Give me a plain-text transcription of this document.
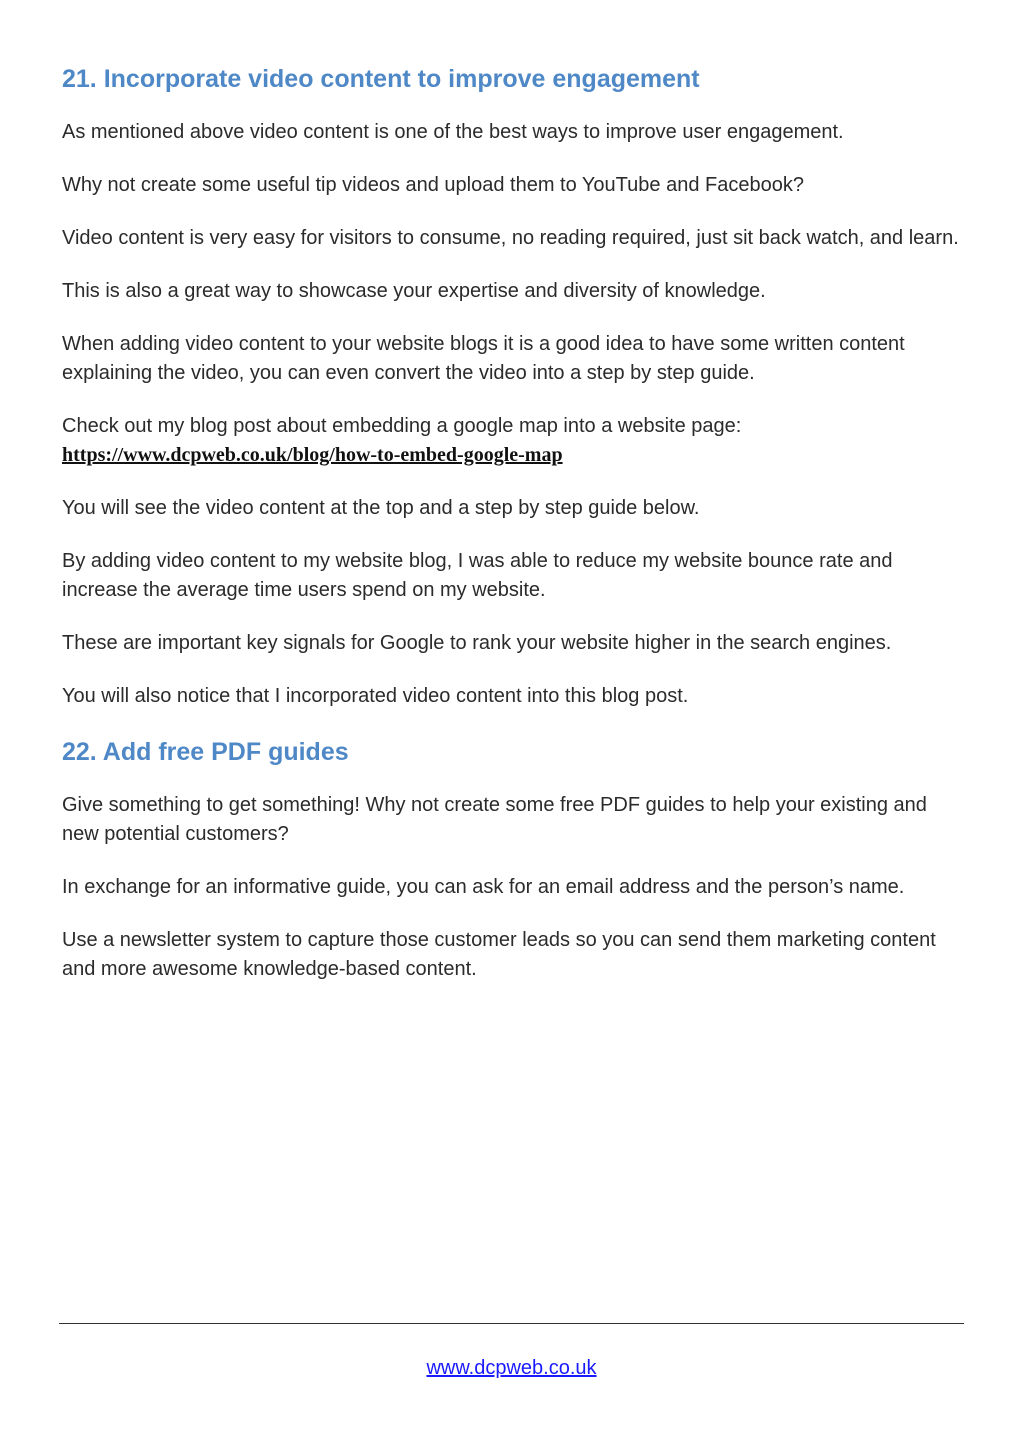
21. Incorporate video content to improve engagement

As mentioned above video content is one of the best ways to improve user engagement.

Why not create some useful tip videos and upload them to YouTube and Facebook?

Video content is very easy for visitors to consume, no reading required, just sit back watch, and learn.

This is also a great way to showcase your expertise and diversity of knowledge.

When adding video content to your website blogs it is a good idea to have some written content explaining the video, you can even convert the video into a step by step guide.

Check out my blog post about embedding a google map into a website page: https://www.dcpweb.co.uk/blog/how-to-embed-google-map

You will see the video content at the top and a step by step guide below.

By adding video content to my website blog, I was able to reduce my website bounce rate and increase the average time users spend on my website.

These are important key signals for Google to rank your website higher in the search engines.

You will also notice that I incorporated video content into this blog post.

22. Add free PDF guides

Give something to get something! Why not create some free PDF guides to help your existing and new potential customers?

In exchange for an informative guide, you can ask for an email address and the person’s name.

Use a newsletter system to capture those customer leads so you can send them marketing content and more awesome knowledge-based content.

www.dcpweb.co.uk
